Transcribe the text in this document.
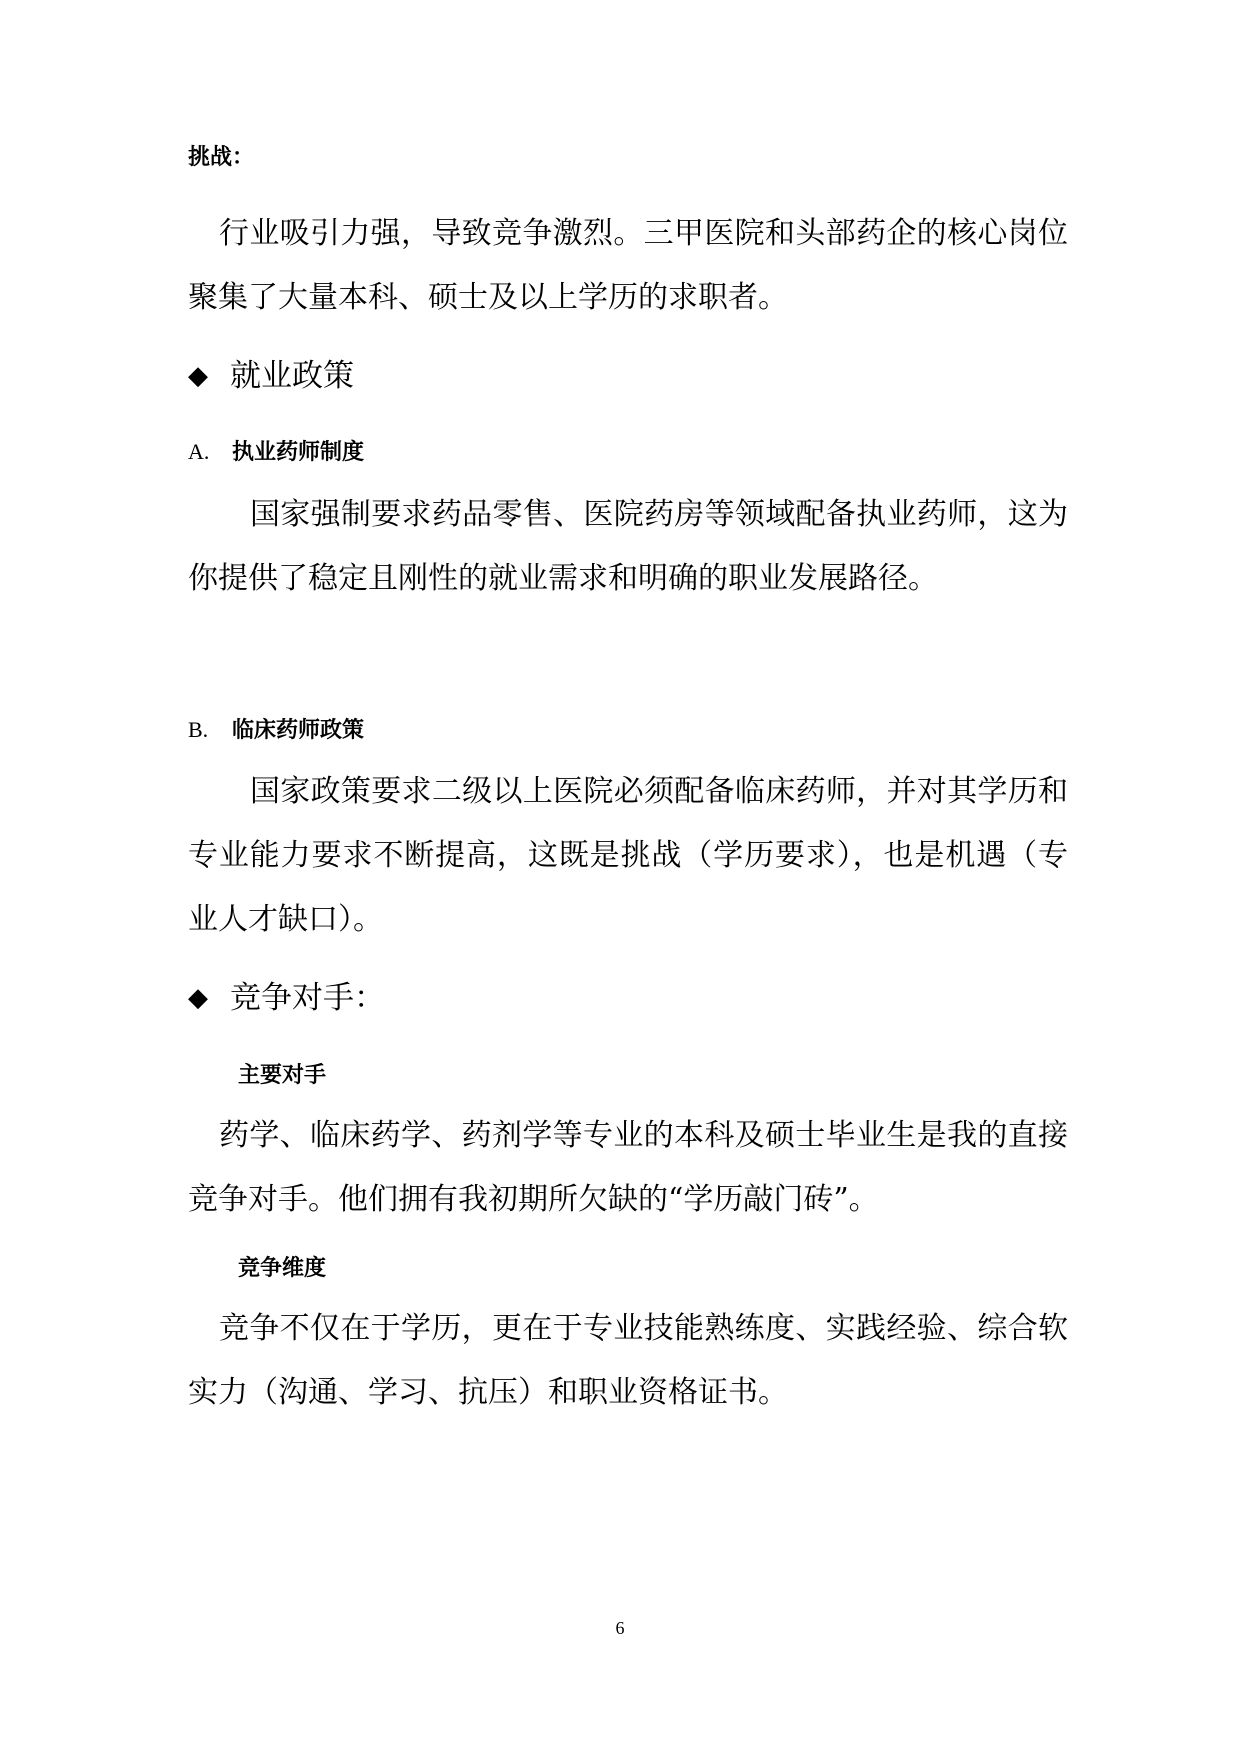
挑战：

行业吸引力强，导致竞争激烈。三甲医院和头部药企的核心岗位聚集了大量本科、硕士及以上学历的求职者。

◆ 就业政策
A.	执业药师制度

国家强制要求药品零售、医院药房等领域配备执业药师，这为你提供了稳定且刚性的就业需求和明确的职业发展路径。

B.	临床药师政策

国家政策要求二级以上医院必须配备临床药师，并对其学历和专业能力要求不断提高，这既是挑战（学历要求），也是机遇（专业人才缺口）。

◆ 竞争对手：
主要对手

药学、临床药学、药剂学等专业的本科及硕士毕业生是我的直接竞争对手。他们拥有我初期所欠缺的“学历敲门砖”。

竞争维度

竞争不仅在于学历，更在于专业技能熟练度、实践经验、综合软实力（沟通、学习、抗压）和职业资格证书。

6
